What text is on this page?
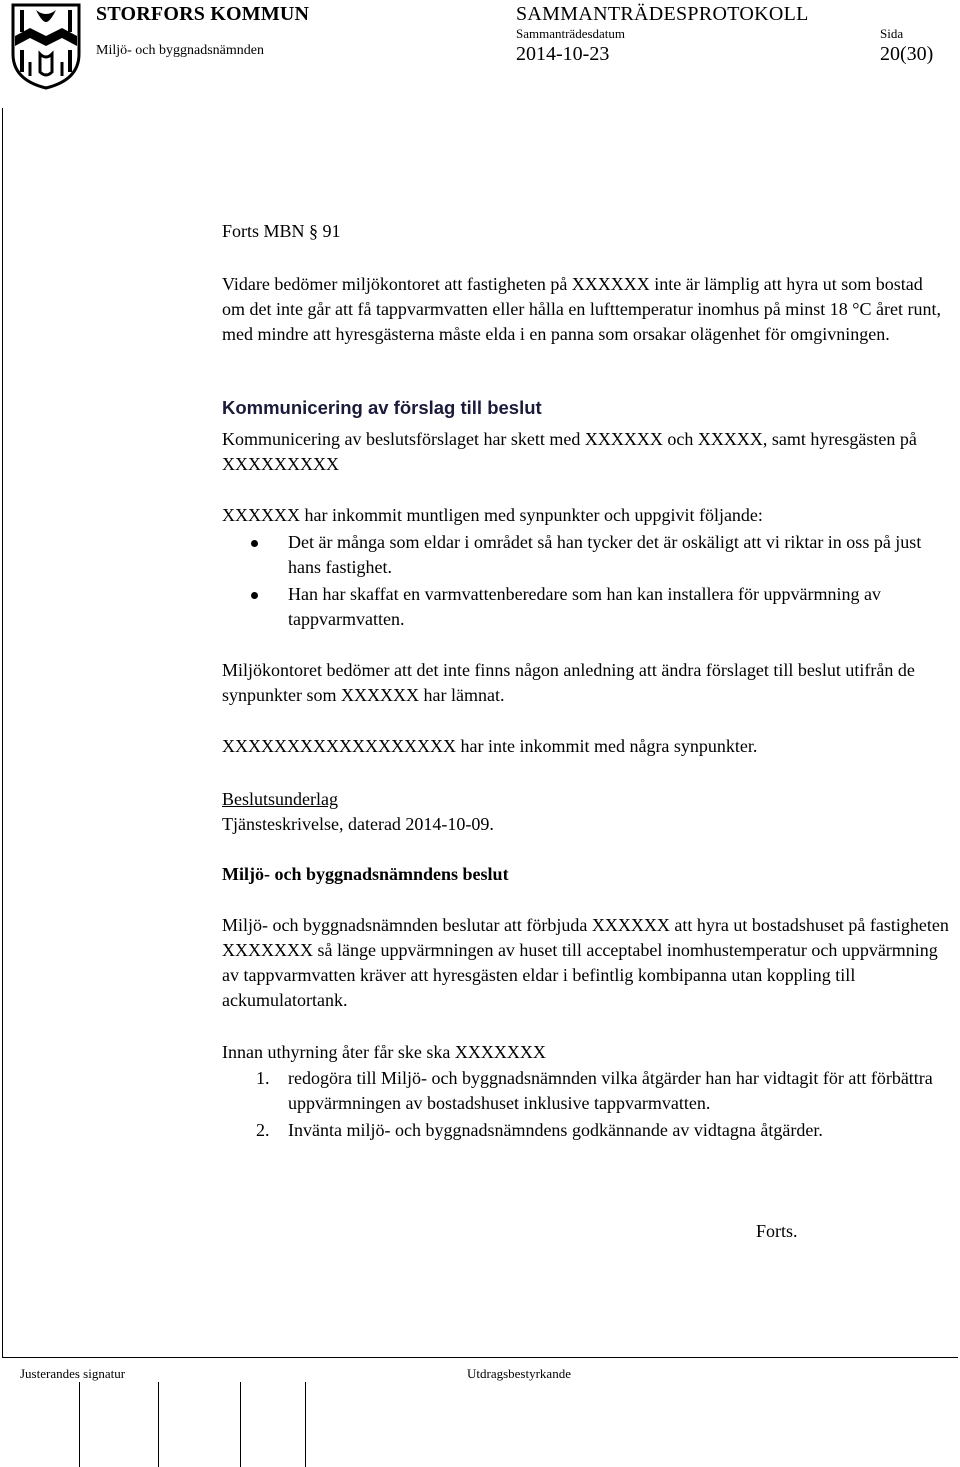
STORFORS KOMMUN
Miljö- och byggnadsnämnden
SAMMANTRÄDESPROTOKOLL
Sammanträdesdatum
2014-10-23
Sida
20(30)
Forts MBN § 91
Vidare bedömer miljökontoret att fastigheten på XXXXXX inte är lämplig att hyra ut som bostad om det inte går att få tappvarmvatten eller hålla en lufttemperatur inomhus på minst 18 °C året runt, med mindre att hyresgästerna måste elda i en panna som orsakar olägenhet för omgivningen.
Kommunicering av förslag till beslut
Kommunicering av beslutsförslaget har skett med XXXXXX och XXXXX, samt hyresgästen på XXXXXXXXX
XXXXXX har inkommit muntligen med synpunkter och uppgivit följande:
Det är många som eldar i området så han tycker det är oskäligt att vi riktar in oss på just hans fastighet.
Han har skaffat en varmvattenberedare som han kan installera för uppvärmning av tappvarmvatten.
Miljökontoret bedömer att det inte finns någon anledning att ändra förslaget till beslut utifrån de synpunkter som XXXXXX har lämnat.
XXXXXXXXXXXXXXXXXX har inte inkommit med några synpunkter.
Beslutsunderlag
Tjänsteskrivelse, daterad 2014-10-09.
Miljö- och byggnadsnämndens beslut
Miljö- och byggnadsnämnden beslutar att förbjuda XXXXXX att hyra ut bostadshuset på fastigheten XXXXXXX så länge uppvärmningen av huset till acceptabel inomhustemperatur och uppvärmning av tappvarmvatten kräver att hyresgästen eldar i befintlig kombipanna utan koppling till ackumulatortank.
Innan uthyrning åter får ske ska XXXXXXX
1. redogöra till Miljö- och byggnadsnämnden vilka åtgärder han har vidtagit för att förbättra uppvärmningen av bostadshuset inklusive tappvarmvatten.
2. Invänta miljö- och byggnadsnämndens godkännande av vidtagna åtgärder.
Forts.
Justerandes signatur	Utdragsbestyrkande
